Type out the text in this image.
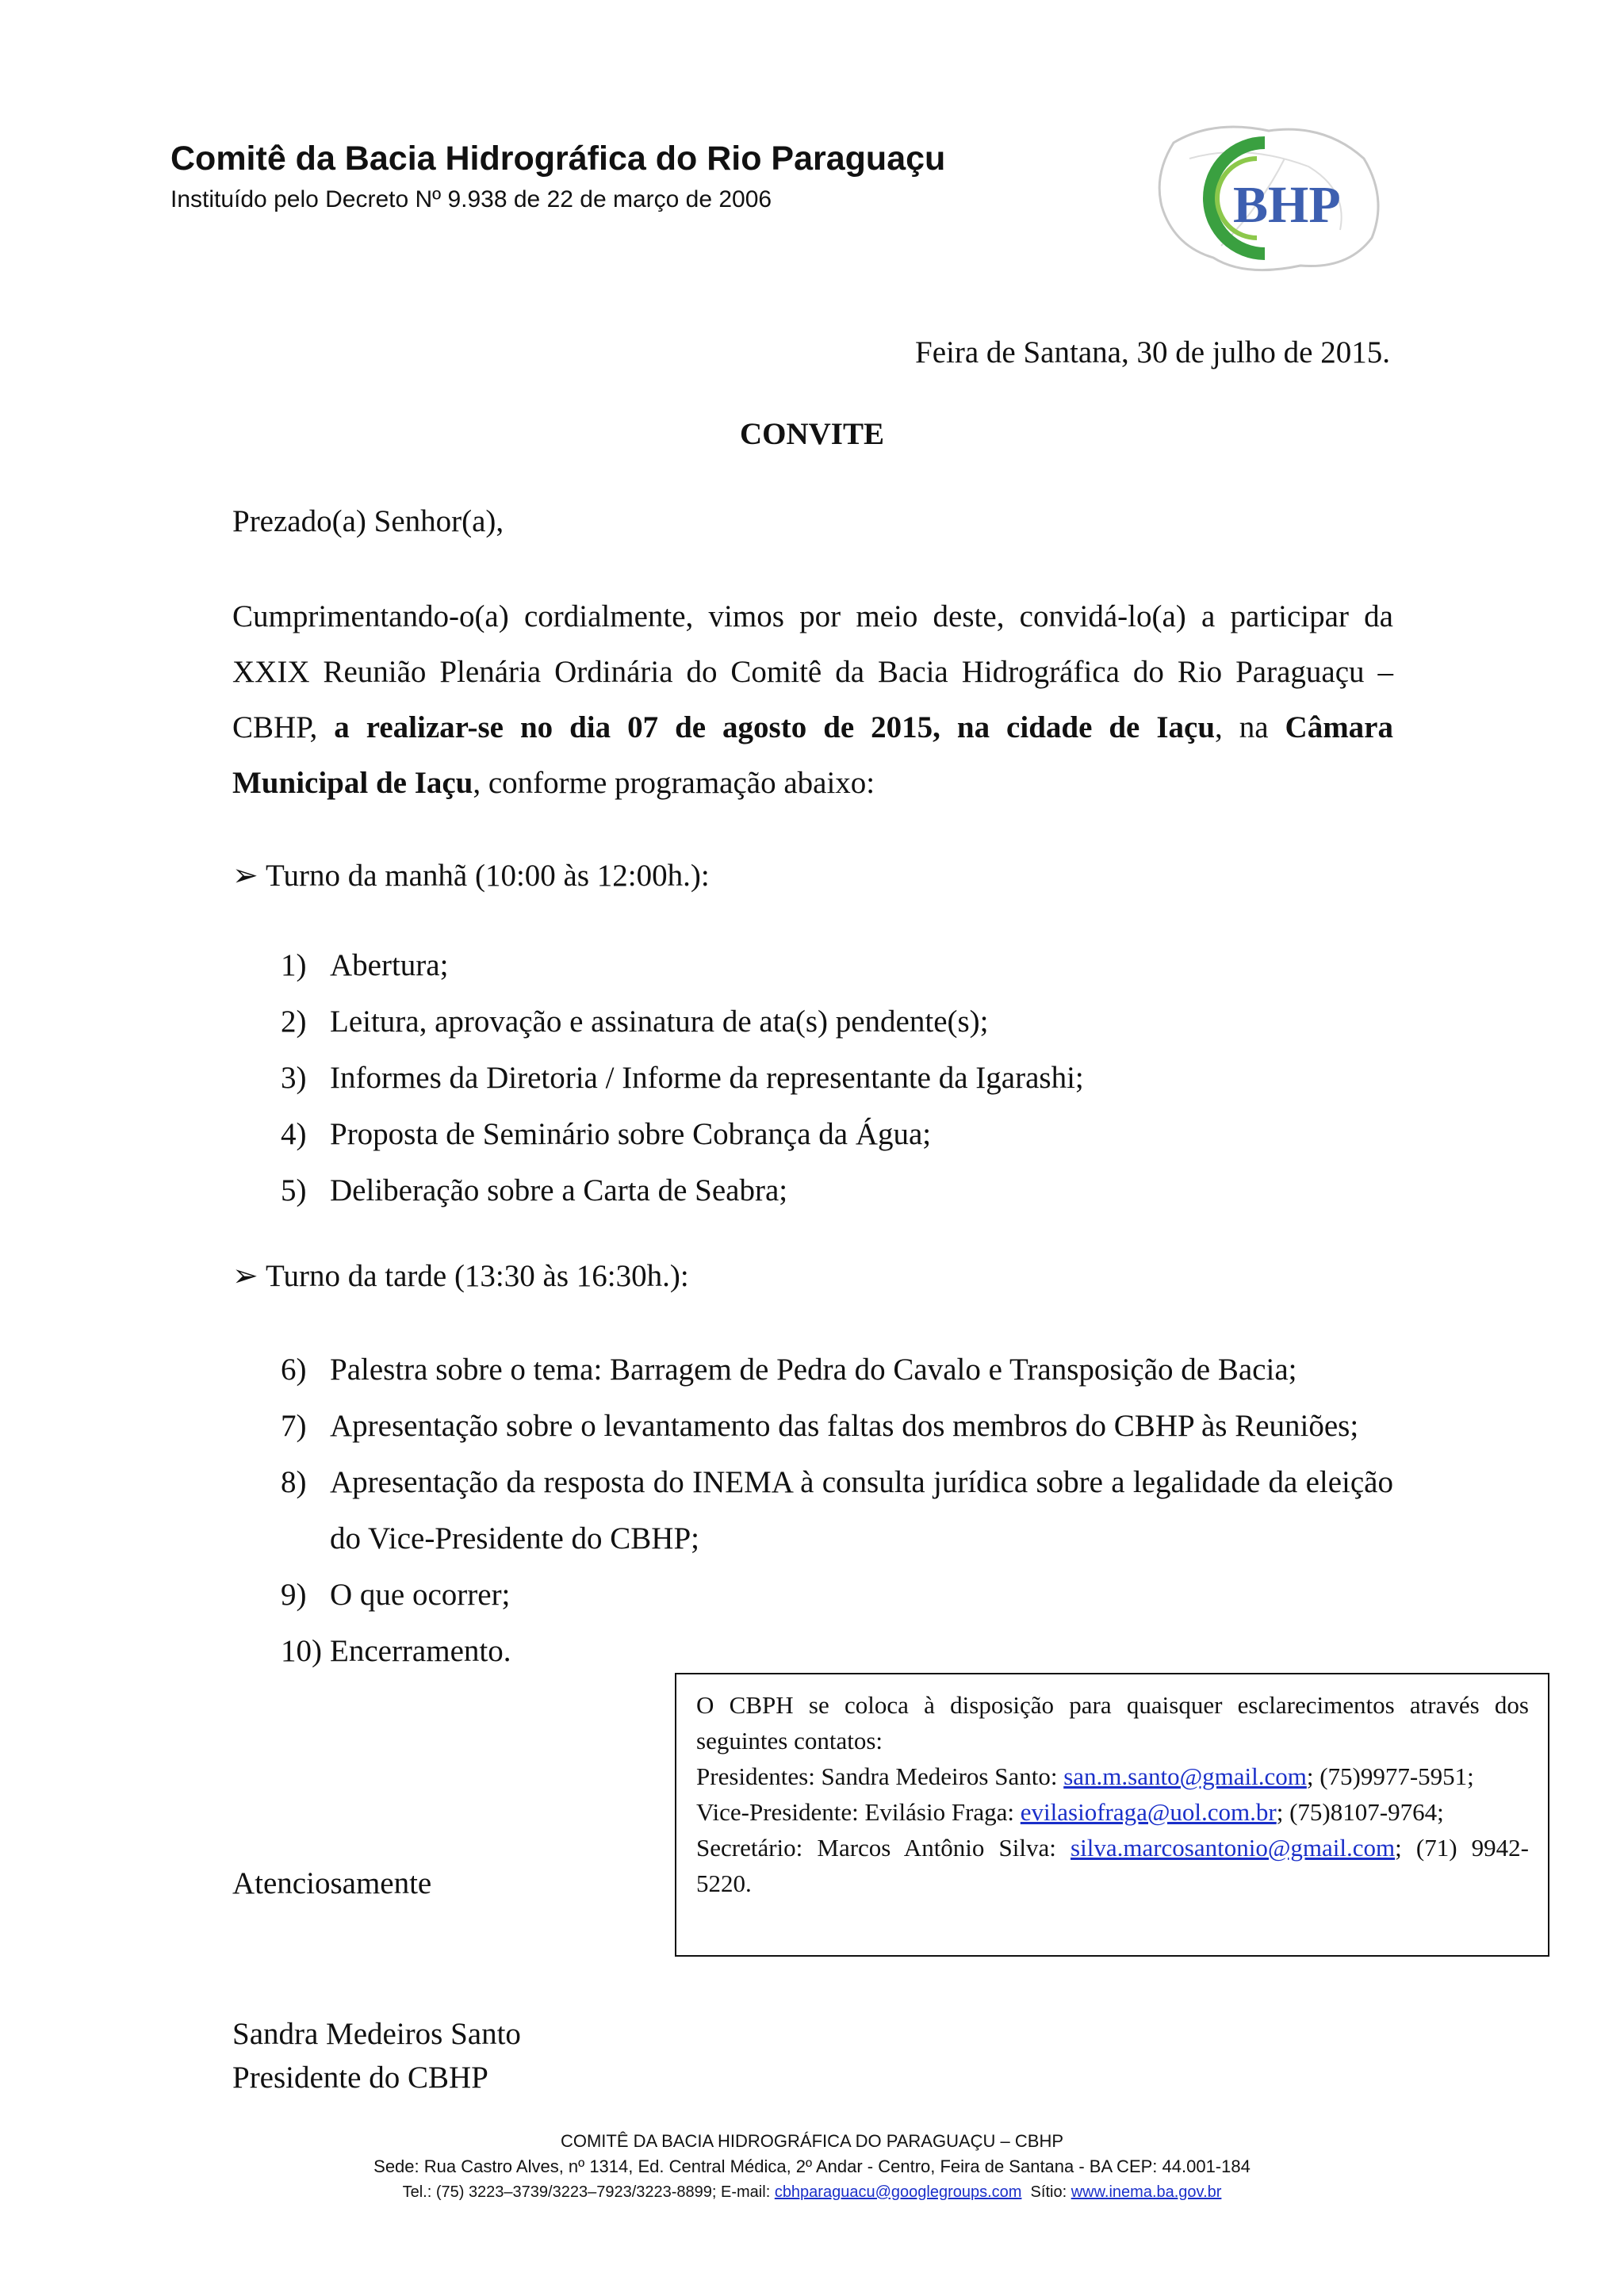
Comitê da Bacia Hidrográfica do Rio Paraguaçu
Instituído pelo Decreto Nº 9.938 de 22 de março de 2006	BHP
Feira de Santana, 30 de julho de 2015.
CONVITE
Prezado(a) Senhor(a),

Cumprimentando-o(a) cordialmente, vimos por meio deste, convidá-lo(a) a participar da XXIX Reunião Plenária Ordinária do Comitê da Bacia Hidrográfica do Rio Paraguaçu – CBHP, a realizar-se no dia 07 de agosto de 2015, na cidade de Iaçu, na Câmara Municipal de Iaçu, conforme programação abaixo:

➢ Turno da manhã (10:00 às 12:00h.):
1) Abertura;
2) Leitura, aprovação e assinatura de ata(s) pendente(s);
3) Informes da Diretoria / Informe da representante da Igarashi;
4) Proposta de Seminário sobre Cobrança da Água;
5) Deliberação sobre a Carta de Seabra;
➢ Turno da tarde (13:30 às 16:30h.):
6) Palestra sobre o tema: Barragem de Pedra do Cavalo e Transposição de Bacia;
7) Apresentação sobre o levantamento das faltas dos membros do CBHP às Reuniões;
8) Apresentação da resposta do INEMA à consulta jurídica sobre a legalidade da eleição do Vice-Presidente do CBHP;
9) O que ocorrer;
10) Encerramento.
O CBPH se coloca à disposição para quaisquer esclarecimentos através dos seguintes contatos:
Presidentes: Sandra Medeiros Santo: san.m.santo@gmail.com; (75)9977-5951;
Vice-Presidente: Evilásio Fraga: evilasiofraga@uol.com.br; (75)8107-9764;
Secretário: Marcos Antônio Silva: silva.marcosantonio@gmail.com; (71) 9942-5220.
Atenciosamente
Sandra Medeiros Santo
Presidente do CBHP
COMITÊ DA BACIA HIDROGRÁFICA DO PARAGUAÇU – CBHP
Sede: Rua Castro Alves, nº 1314, Ed. Central Médica, 2º Andar - Centro, Feira de Santana - BA CEP: 44.001-184
Tel.: (75) 3223–3739/3223–7923/3223-8899; E-mail: cbhparaguacu@googlegroups.com  Sítio: www.inema.ba.gov.br
